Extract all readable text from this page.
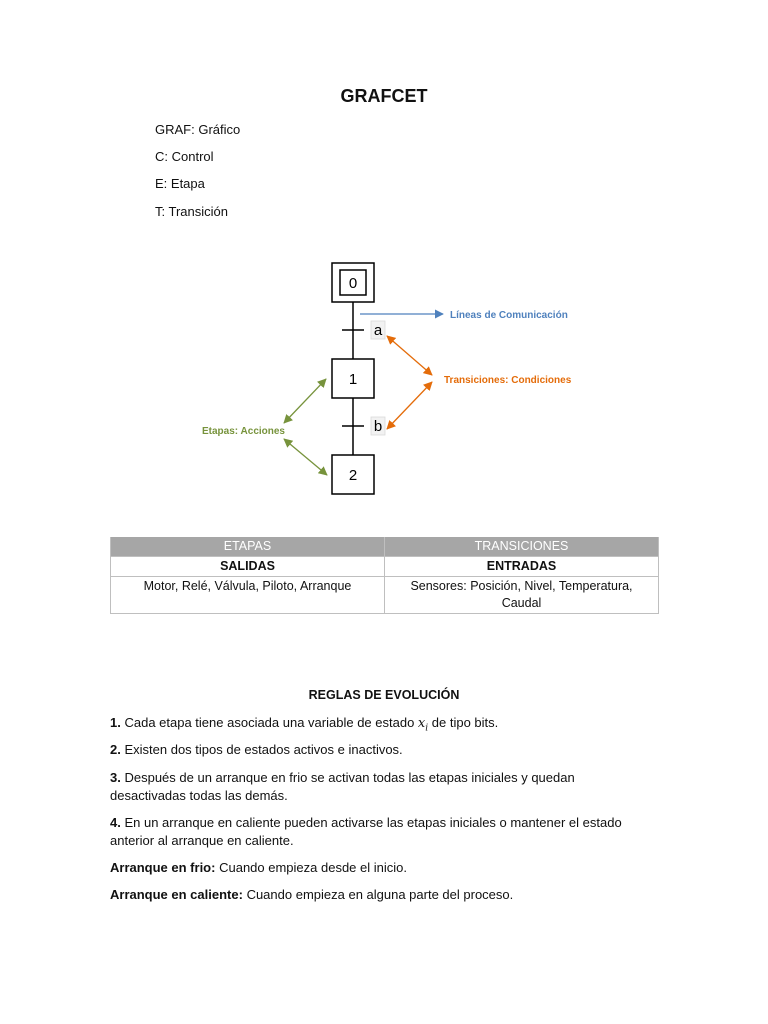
GRAFCET
GRAF: Gráfico
C: Control
E: Etapa
T: Transición
0
a
1
b
2
Líneas de Comunicación
Transiciones: Condiciones
Etapas: Acciones
ETAPAS	TRANSICIONES
SALIDAS	ENTRADAS
Motor, Relé, Válvula, Piloto, Arranque	Sensores: Posición, Nivel, Temperatura, Caudal
REGLAS DE EVOLUCIÓN
1. Cada etapa tiene asociada una variable de estado $x_i$ de tipo bits.
2. Existen dos tipos de estados activos e inactivos.
3. Después de un arranque en frio se activan todas las etapas iniciales y quedan desactivadas todas las demás.
4. En un arranque en caliente pueden activarse las etapas iniciales o mantener el estado anterior al arranque en caliente.
Arranque en frio: Cuando empieza desde el inicio.
Arranque en caliente: Cuando empieza en alguna parte del proceso.
